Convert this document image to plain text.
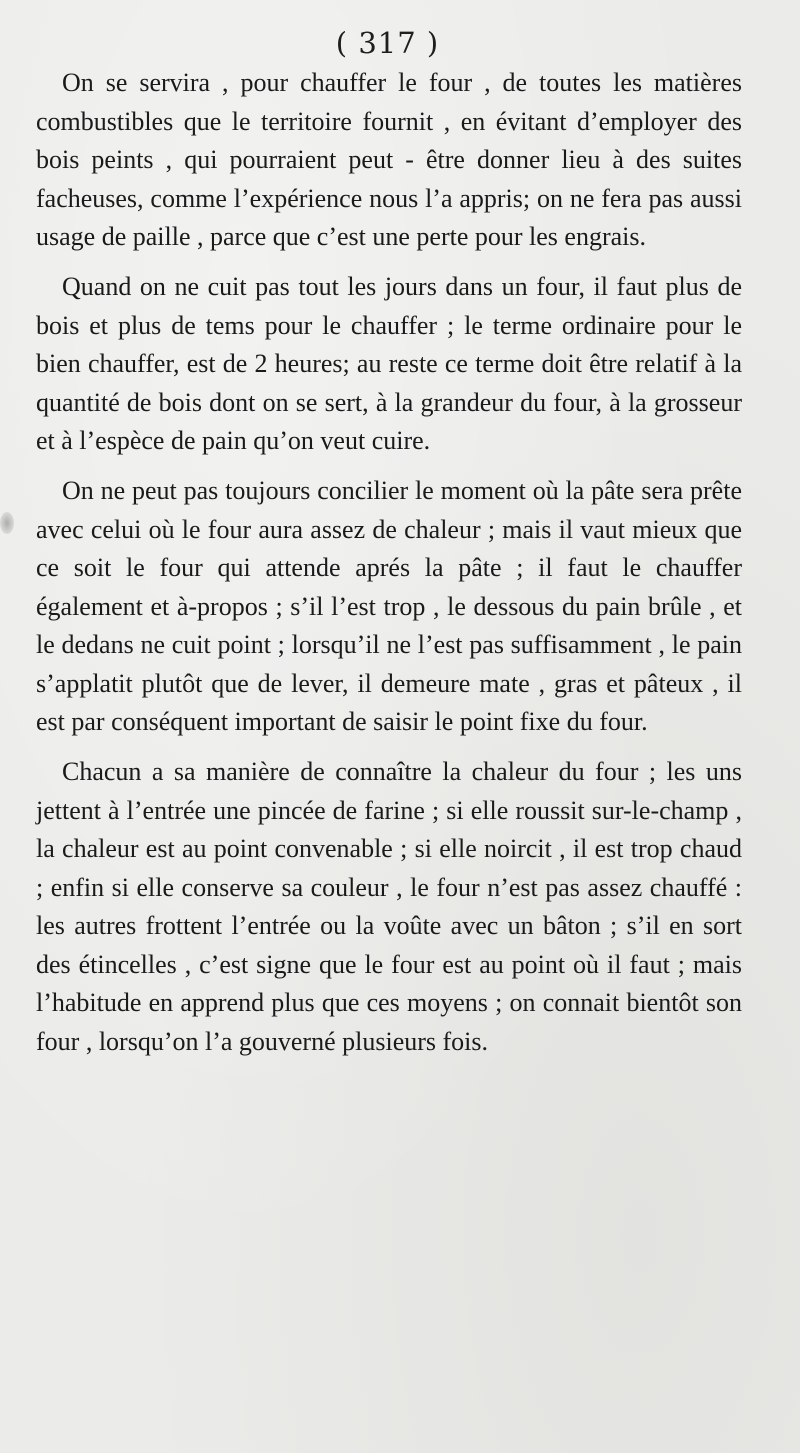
( 317 )

On se servira , pour chauffer le four , de toutes les matières combustibles que le territoire fournit , en évitant d’employer des bois peints , qui pourraient peut - être donner lieu à des suites facheuses, comme l’expérience nous l’a appris; on ne fera pas aussi usage de paille , parce que c’est une perte pour les engrais.

Quand on ne cuit pas tout les jours dans un four, il faut plus de bois et plus de tems pour le chauffer ; le terme ordinaire pour le bien chauffer, est de 2 heures; au reste ce terme doit être relatif à la quantité de bois dont on se sert, à la grandeur du four, à la grosseur et à l’espèce de pain qu’on veut cuire.

On ne peut pas toujours concilier le moment où la pâte sera prête avec celui où le four aura assez de chaleur ; mais il vaut mieux que ce soit le four qui attende aprés la pâte ; il faut le chauffer également et à-propos ; s’il l’est trop , le dessous du pain brûle , et le dedans ne cuit point ; lorsqu’il ne l’est pas suffisamment , le pain s’applatit plutôt que de lever, il demeure mate , gras et pâteux , il est par conséquent important de saisir le point fixe du four.

Chacun a sa manière de connaître la chaleur du four ; les uns jettent à l’entrée une pincée de farine ; si elle roussit sur-le-champ , la chaleur est au point convenable ; si elle noircit , il est trop chaud ; enfin si elle conserve sa couleur , le four n’est pas assez chauffé : les autres frottent l’entrée ou la voûte avec un bâton ; s’il en sort des étincelles , c’est signe que le four est au point où il faut ; mais l’habitude en apprend plus que ces moyens ; on connait bientôt son four , lorsqu’on l’a gouverné plusieurs fois.
